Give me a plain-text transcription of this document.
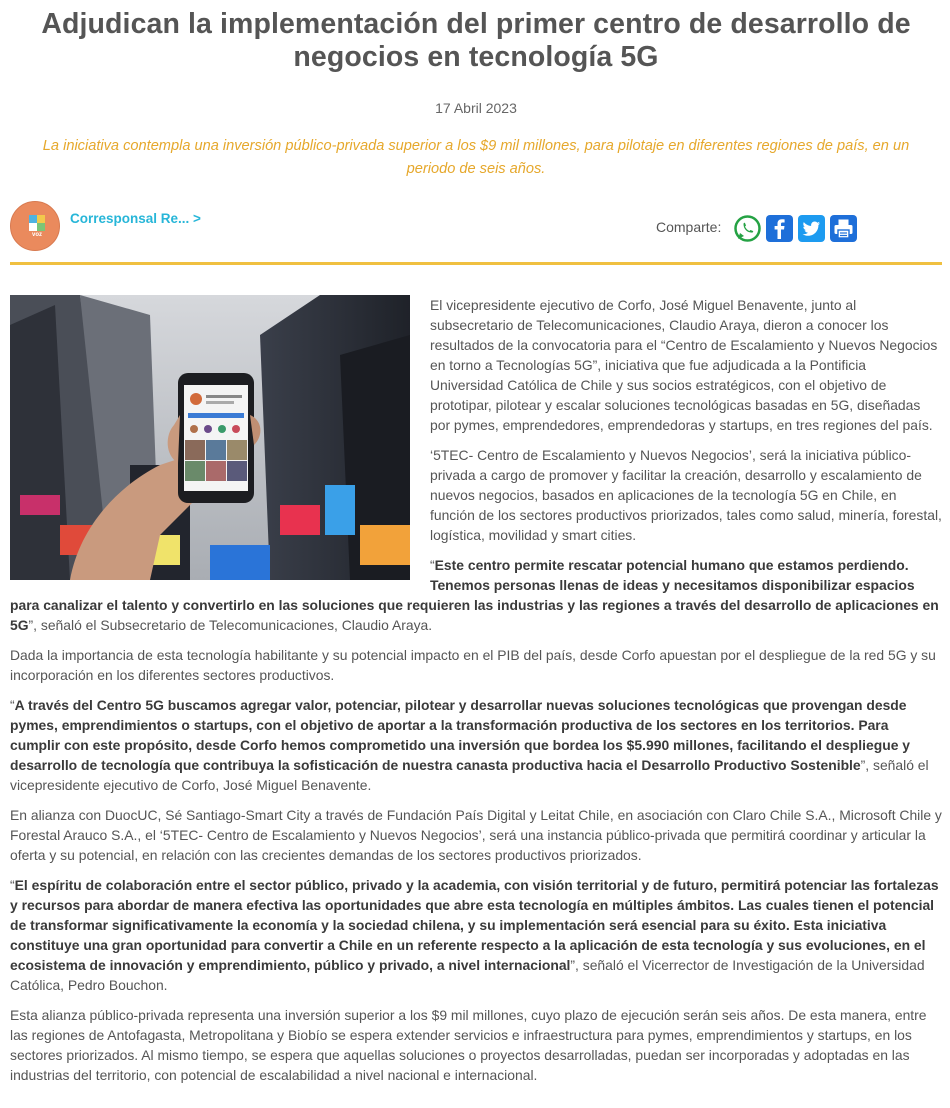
Adjudican la implementación del primer centro de desarrollo de negocios en tecnología 5G
17 Abril 2023
La iniciativa contempla una inversión público-privada superior a los $9 mil millones, para pilotaje en diferentes regiones de país, en un periodo de seis años.
voz
Corresponsal Re... >
Comparte:

El vicepresidente ejecutivo de Corfo, José Miguel Benavente, junto al subsecretario de Telecomunicaciones, Claudio Araya, dieron a conocer los resultados de la convocatoria para el “Centro de Escalamiento y Nuevos Negocios en torno a Tecnologías 5G”, iniciativa que fue adjudicada a la Pontificia Universidad Católica de Chile y sus socios estratégicos, con el objetivo de prototipar, pilotear y escalar soluciones tecnológicas basadas en 5G, diseñadas por pymes, emprendedores, emprendedoras y startups, en tres regiones del país.

‘5TEC- Centro de Escalamiento y Nuevos Negocios’, será la iniciativa público-privada a cargo de promover y facilitar la creación, desarrollo y escalamiento de nuevos negocios, basados en aplicaciones de la tecnología 5G en Chile, en función de los sectores productivos priorizados, tales como salud, minería, forestal, logística, movilidad y smart cities.

“Este centro permite rescatar potencial humano que estamos perdiendo. Tenemos personas llenas de ideas y necesitamos disponibilizar espacios para canalizar el talento y convertirlo en las soluciones que requieren las industrias y las regiones a través del desarrollo de aplicaciones en 5G”, señaló el Subsecretario de Telecomunicaciones, Claudio Araya.

Dada la importancia de esta tecnología habilitante y su potencial impacto en el PIB del país, desde Corfo apuestan por el despliegue de la red 5G y su incorporación en los diferentes sectores productivos.

“A través del Centro 5G buscamos agregar valor, potenciar, pilotear y desarrollar nuevas soluciones tecnológicas que provengan desde pymes, emprendimientos o startups, con el objetivo de aportar a la transformación productiva de los sectores en los territorios. Para cumplir con este propósito, desde Corfo hemos comprometido una inversión que bordea los $5.990 millones, facilitando el despliegue y desarrollo de tecnología que contribuya la sofisticación de nuestra canasta productiva hacia el Desarrollo Productivo Sostenible”, señaló el vicepresidente ejecutivo de Corfo, José Miguel Benavente.

En alianza con DuocUC, Sé Santiago-Smart City a través de Fundación País Digital y Leitat Chile, en asociación con Claro Chile S.A., Microsoft Chile y Forestal Arauco S.A., el ‘5TEC- Centro de Escalamiento y Nuevos Negocios’, será una instancia público-privada que permitirá coordinar y articular la oferta y su potencial, en relación con las crecientes demandas de los sectores productivos priorizados.

“El espíritu de colaboración entre el sector público, privado y la academia, con visión territorial y de futuro, permitirá potenciar las fortalezas y recursos para abordar de manera efectiva las oportunidades que abre esta tecnología en múltiples ámbitos. Las cuales tienen el potencial de transformar significativamente la economía y la sociedad chilena, y su implementación será esencial para su éxito. Esta iniciativa constituye una gran oportunidad para convertir a Chile en un referente respecto a la aplicación de esta tecnología y sus evoluciones, en el ecosistema de innovación y emprendimiento, público y privado, a nivel internacional”, señaló el Vicerrector de Investigación de la Universidad Católica, Pedro Bouchon.

Esta alianza público-privada representa una inversión superior a los $9 mil millones, cuyo plazo de ejecución serán seis años. De esta manera, entre las regiones de Antofagasta, Metropolitana y Biobío se espera extender servicios e infraestructura para pymes, emprendimientos y startups, en los sectores priorizados. Al mismo tiempo, se espera que aquellas soluciones o proyectos desarrolladas, puedan ser incorporadas y adoptadas en las industrias del territorio, con potencial de escalabilidad a nivel nacional e internacional.
